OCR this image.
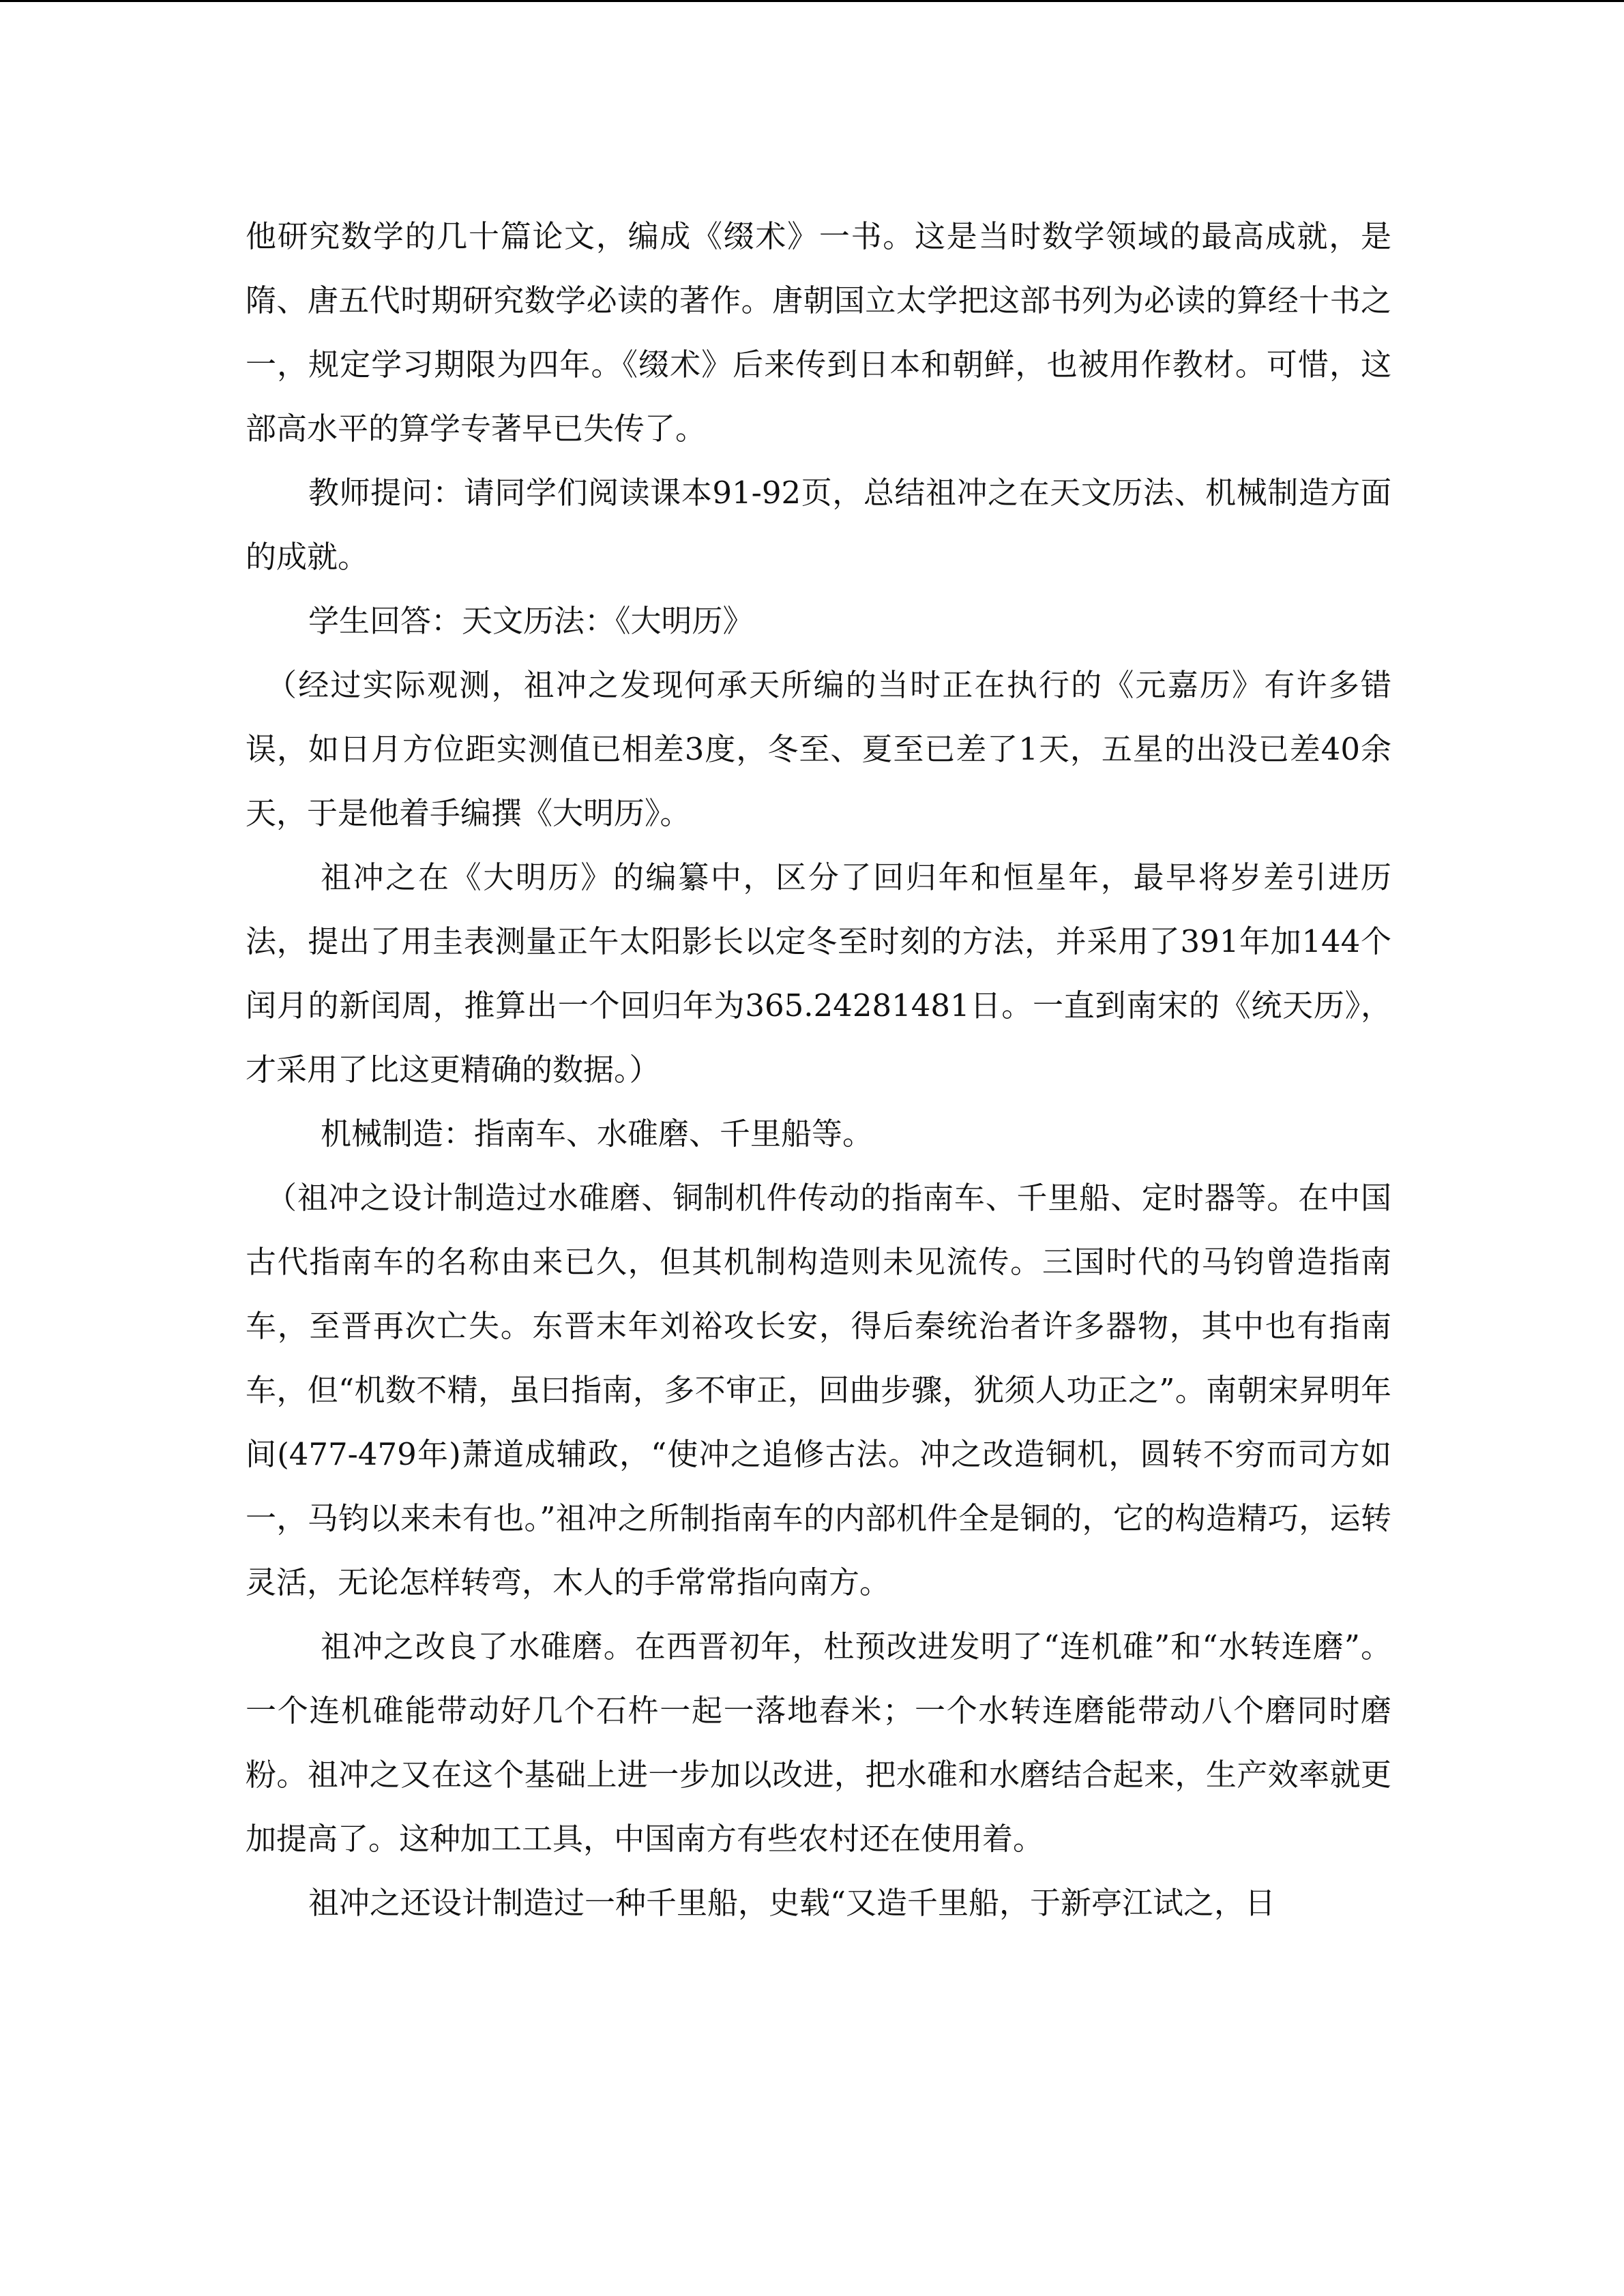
他研究数学的几十篇论文，编成《缀术》一书。这是当时数学领域的最高成就，是隋、唐五代时期研究数学必读的著作。唐朝国立太学把这部书列为必读的算经十书之一，规定学习期限为四年。《缀术》后来传到日本和朝鲜，也被用作教材。可惜，这部高水平的算学专著早已失传了。

教师提问：请同学们阅读课本91-92页，总结祖冲之在天文历法、机械制造方面的成就。

学生回答：天文历法：《大明历》

（经过实际观测，祖冲之发现何承天所编的当时正在执行的《元嘉历》有许多错误，如日月方位距实测值已相差3度，冬至、夏至已差了1天，五星的出没已差40余天，于是他着手编撰《大明历》。

祖冲之在《大明历》的编纂中，区分了回归年和恒星年，最早将岁差引进历法，提出了用圭表测量正午太阳影长以定冬至时刻的方法，并采用了391年加144个闰月的新闰周，推算出一个回归年为365.24281481日。一直到南宋的《统天历》，才采用了比这更精确的数据。）

机械制造：指南车、水碓磨、千里船等。

（祖冲之设计制造过水碓磨、铜制机件传动的指南车、千里船、定时器等。在中国古代指南车的名称由来已久，但其机制构造则未见流传。三国时代的马钧曾造指南车，至晋再次亡失。东晋末年刘裕攻长安，得后秦统治者许多器物，其中也有指南车，但“机数不精，虽曰指南，多不审正，回曲步骤，犹须人功正之”。南朝宋昇明年间(477-479年)萧道成辅政，“使冲之追修古法。冲之改造铜机，圆转不穷而司方如一，马钧以来未有也。”祖冲之所制指南车的内部机件全是铜的，它的构造精巧，运转灵活，无论怎样转弯，木人的手常常指向南方。

祖冲之改良了水碓磨。在西晋初年，杜预改进发明了“连机碓”和“水转连磨”。一个连机碓能带动好几个石杵一起一落地舂米；一个水转连磨能带动八个磨同时磨粉。祖冲之又在这个基础上进一步加以改进，把水碓和水磨结合起来，生产效率就更加提高了。这种加工工具，中国南方有些农村还在使用着。

祖冲之还设计制造过一种千里船，史载“又造千里船，于新亭江试之，日
